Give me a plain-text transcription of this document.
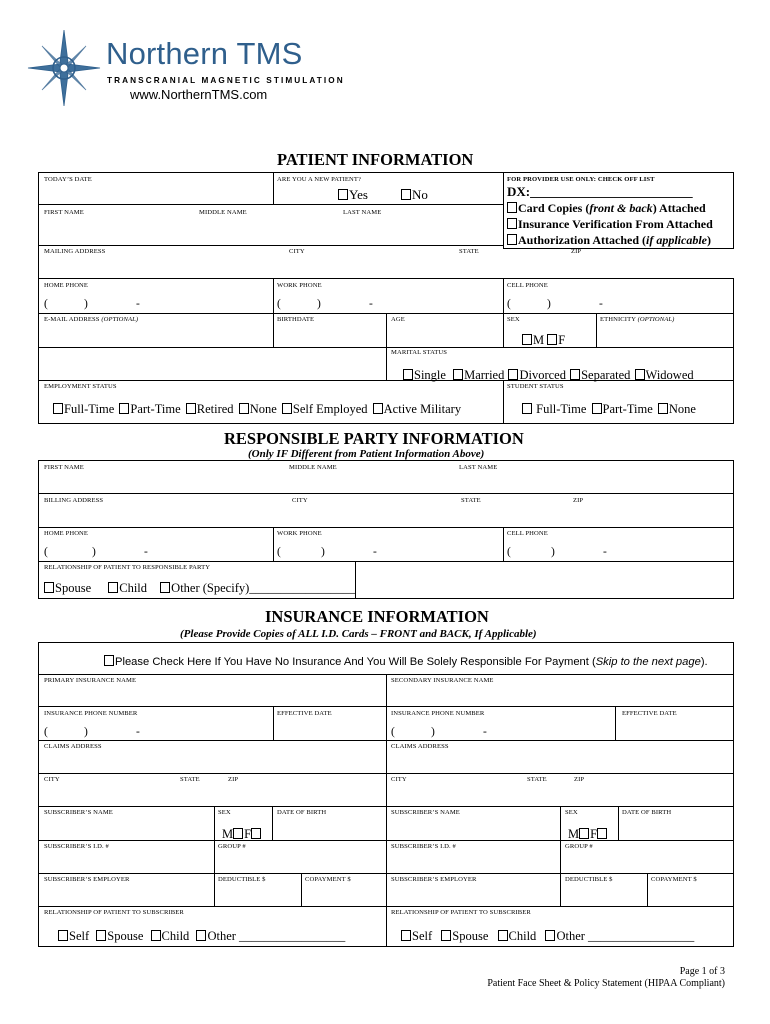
Northern TMS
TRANSCRANIAL MAGNETIC STIMULATION
www.NorthernTMS.com
PATIENT INFORMATION
TODAY’S DATE	ARE YOU A NEW PATIENT?
Yes	No
FOR PROVIDER USE ONLY: CHECK OFF LIST
DX:_________________________
Card Copies (front & back) Attached
Insurance Verification From Attached
Authorization Attached (if applicable)
FIRST NAME	MIDDLE NAME	LAST NAME
MAILING ADDRESS	CITY	STATE	ZIP
HOME PHONE	WORK PHONE	CELL PHONE
(	)	-	(	)	-	(	)	-
E-MAIL ADDRESS (OPTIONAL)	BIRTHDATE	AGE	SEX	ETHNICITY (OPTIONAL)
M F
MARITAL STATUS
Single Married Divorced Separated Widowed
EMPLOYMENT STATUS	STUDENT STATUS
Full-Time Part-Time Retired None Self Employed Active Military	Full-Time Part-Time None
RESPONSIBLE PARTY INFORMATION
(Only IF Different from Patient Information Above)
FIRST NAME	MIDDLE NAME	LAST NAME
BILLING ADDRESS	CITY	STATE	ZIP
HOME PHONE	WORK PHONE	CELL PHONE
(	)	-	(	)	-	(	)	-
RELATIONSHIP OF PATIENT TO RESPONSIBLE PARTY
Spouse Child Other (Specify)_________________
INSURANCE INFORMATION
(Please Provide Copies of ALL I.D. Cards – FRONT and BACK, If Applicable)
Please Check Here If You Have No Insurance And You Will Be Solely Responsible For Payment (Skip to the next page).
PRIMARY INSURANCE NAME	SECONDARY INSURANCE NAME
INSURANCE PHONE NUMBER	EFFECTIVE DATE	INSURANCE PHONE NUMBER	EFFECTIVE DATE
(	)	-	(	)	-
CLAIMS ADDRESS	CLAIMS ADDRESS
CITY	STATE	ZIP	CITY	STATE	ZIP
SUBSCRIBER’S NAME	SEX	DATE OF BIRTH	SUBSCRIBER’S NAME	SEX	DATE OF BIRTH
M F	M F
SUBSCRIBER’S I.D. #	GROUP #	SUBSCRIBER’S I.D. #	GROUP #
SUBSCRIBER’S EMPLOYER	DEDUCTIBLE $	COPAYMENT $	SUBSCRIBER’S EMPLOYER	DEDUCTIBLE $	COPAYMENT $
RELATIONSHIP OF PATIENT TO SUBSCRIBER	RELATIONSHIP OF PATIENT TO SUBSCRIBER
Self Spouse Child Other _________________	Self Spouse Child Other _________________
Page 1 of 3
Patient Face Sheet & Policy Statement (HIPAA Compliant)
